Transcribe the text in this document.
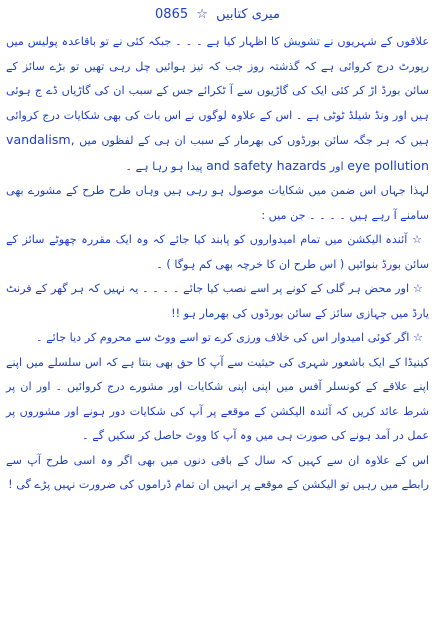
میری کتابیں ☆ 0865

علاقوں کے شہریوں نے تشویش کا اظہار کیا ہے ۔ ۔ ۔ جبکہ کئی نے تو باقاعدہ پولیس میں رپورٹ درج کروائی ہے کہ گذشتہ روز جب کہ تیز ہوائیں چل رہی تھیں تو بڑے سائز کے سائن بورڈ اڑ کر کئی ایک کی گاڑیوں سے آ ٹکرائے جس کے سبب ان کی گاڑیاں ڈے ج ہوئی ہیں اور ونڈ شیلڈ ٹوٹی ہے ۔ اس کے علاوہ لوگوں نے اس بات کی بھی شکایات درج کروائی ہیں کہ ہر جگہ سائن بورڈوں کی بھرمار کے سبب ان ہی کے لفظوں میں vandalism, eye pollution اور and safety hazards پیدا ہو رہا ہے ۔

لہذا جہاں اس ضمن میں شکایات موصول ہو رہی ہیں وہاں طرح طرح کے مشورے بھی سامنے آ رہے ہیں ۔ ۔ ۔ ۔ جن میں :

☆ آئندہ الیکشن میں تمام امیدواروں کو پابند کیا جائے کہ وہ ایک مقررہ چھوٹے سائز کے سائن بورڈ بنوائیں ( اس طرح ان کا خرچہ بھی کم ہوگا ) ۔

☆ اور محض ہر گلی کے کونے پر اسے نصب کیا جائے ۔ ۔ ۔ ۔ یہ نہیں کہ ہر گھر کے فرنٹ یارڈ میں جہازی سائز کے سائن بورڈوں کی بھرمار ہو !!

☆ اگر کوئی امیدوار اس کی خلاف ورزی کرے تو اسے ووٹ سے محروم کر دیا جائے ۔

کینیڈا کے ایک باشعور شہری کی حیثیت سے آپ کا حق بھی بنتا ہے کہ اس سلسلے میں اپنے اپنے علاقے کے کونسلر آفس میں اپنی اپنی شکایات اور مشورے درج کروائیں ۔ اور ان پر شرط عائد کریں کہ آئندہ الیکشن کے موقعے پر آپ کی شکایات دور ہونے اور مشوروں پر عمل در آمد ہونے کی صورت ہی میں وہ آپ کا ووٹ حاصل کر سکیں گے ۔

اس کے علاوہ ان سے کہیں کہ سال کے باقی دنوں میں بھی اگر وہ اسی طرح آپ سے رابطے میں رہیں تو الیکشن کے موقعے پر انہیں ان تمام ڈراموں کی ضرورت نہیں پڑے گی !
